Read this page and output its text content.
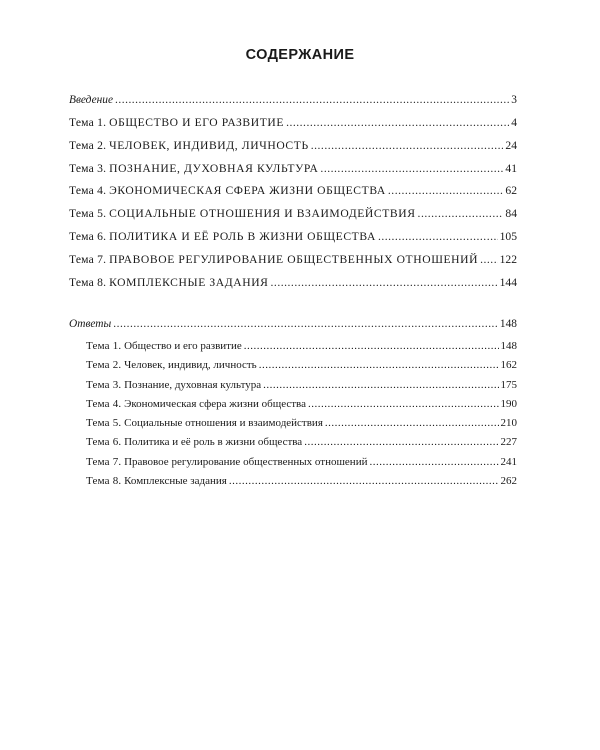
СОДЕРЖАНИЕ
Введение .....	3
Тема 1. ОБЩЕСТВО И ЕГО РАЗВИТИЕ .....	4
Тема 2. ЧЕЛОВЕК, ИНДИВИД, ЛИЧНОСТЬ .....	24
Тема 3. ПОЗНАНИЕ, ДУХОВНАЯ КУЛЬТУРА .....	41
Тема 4. ЭКОНОМИЧЕСКАЯ СФЕРА ЖИЗНИ ОБЩЕСТВА .....	62
Тема 5. СОЦИАЛЬНЫЕ ОТНОШЕНИЯ И ВЗАИМОДЕЙСТВИЯ .....	84
Тема 6. ПОЛИТИКА И ЕЁ РОЛЬ В ЖИЗНИ ОБЩЕСТВА .....	105
Тема 7. ПРАВОВОЕ РЕГУЛИРОВАНИЕ ОБЩЕСТВЕННЫХ ОТНОШЕНИЙ ..... 122
Тема 8. КОМПЛЕКСНЫЕ ЗАДАНИЯ .....	144
Ответы .....	148
Тема 1. Общество и его развитие .....	148
Тема 2. Человек, индивид, личность .....	162
Тема 3. Познание, духовная культура .....	175
Тема 4. Экономическая сфера жизни общества .....	190
Тема 5. Социальные отношения и взаимодействия .....	210
Тема 6. Политика и её роль в жизни общества .....	227
Тема 7. Правовое регулирование общественных отношений .....	241
Тема 8. Комплексные задания .....	262
